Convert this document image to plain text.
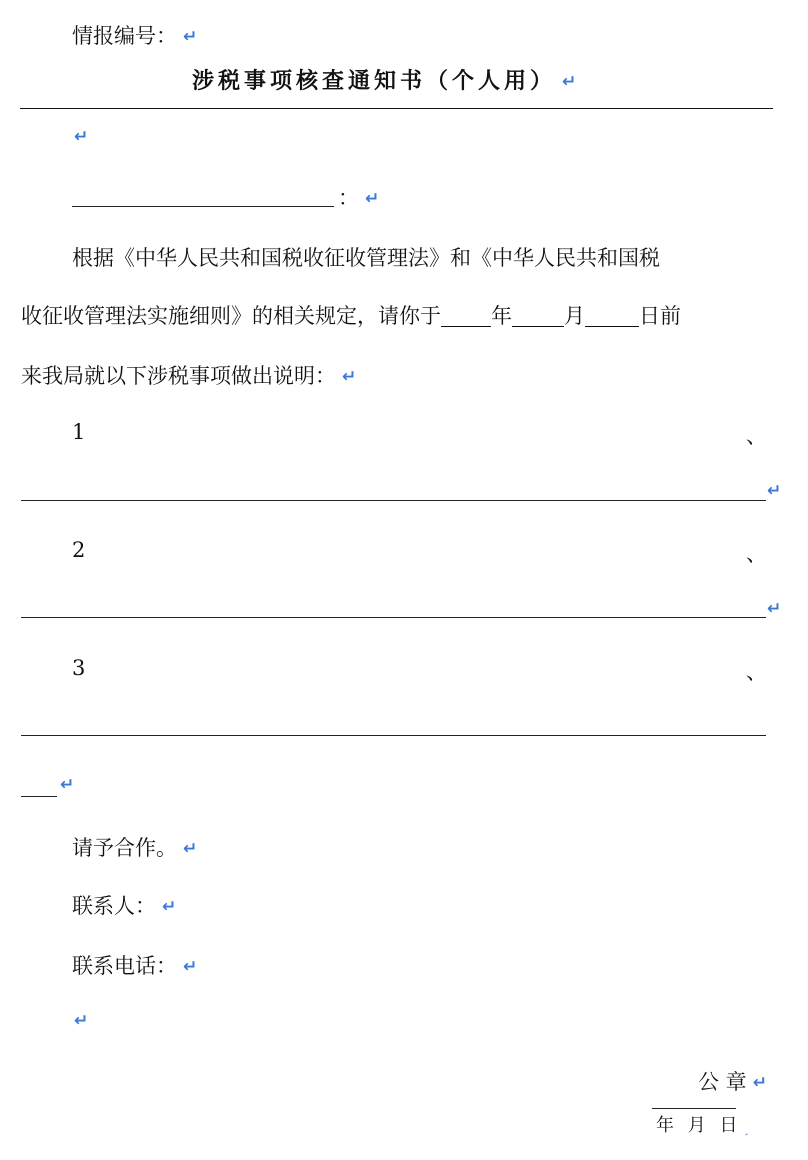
情报编号： ↵
涉税事项核查通知书（个人用） ↵
↵
： ↵
根据《中华人民共和国税收征收管理法》和《中华人民共和国税
收征收管理法实施细则》的相关规定，请你于 年 月	日前
来我局就以下涉税事项做出说明： ↵
1	、
↵
2	、
↵
3	、
↵
请予合作。 ↵
联系人： ↵
联系电话： ↵
↵
公 章 ↵
年 月 日 ˼
